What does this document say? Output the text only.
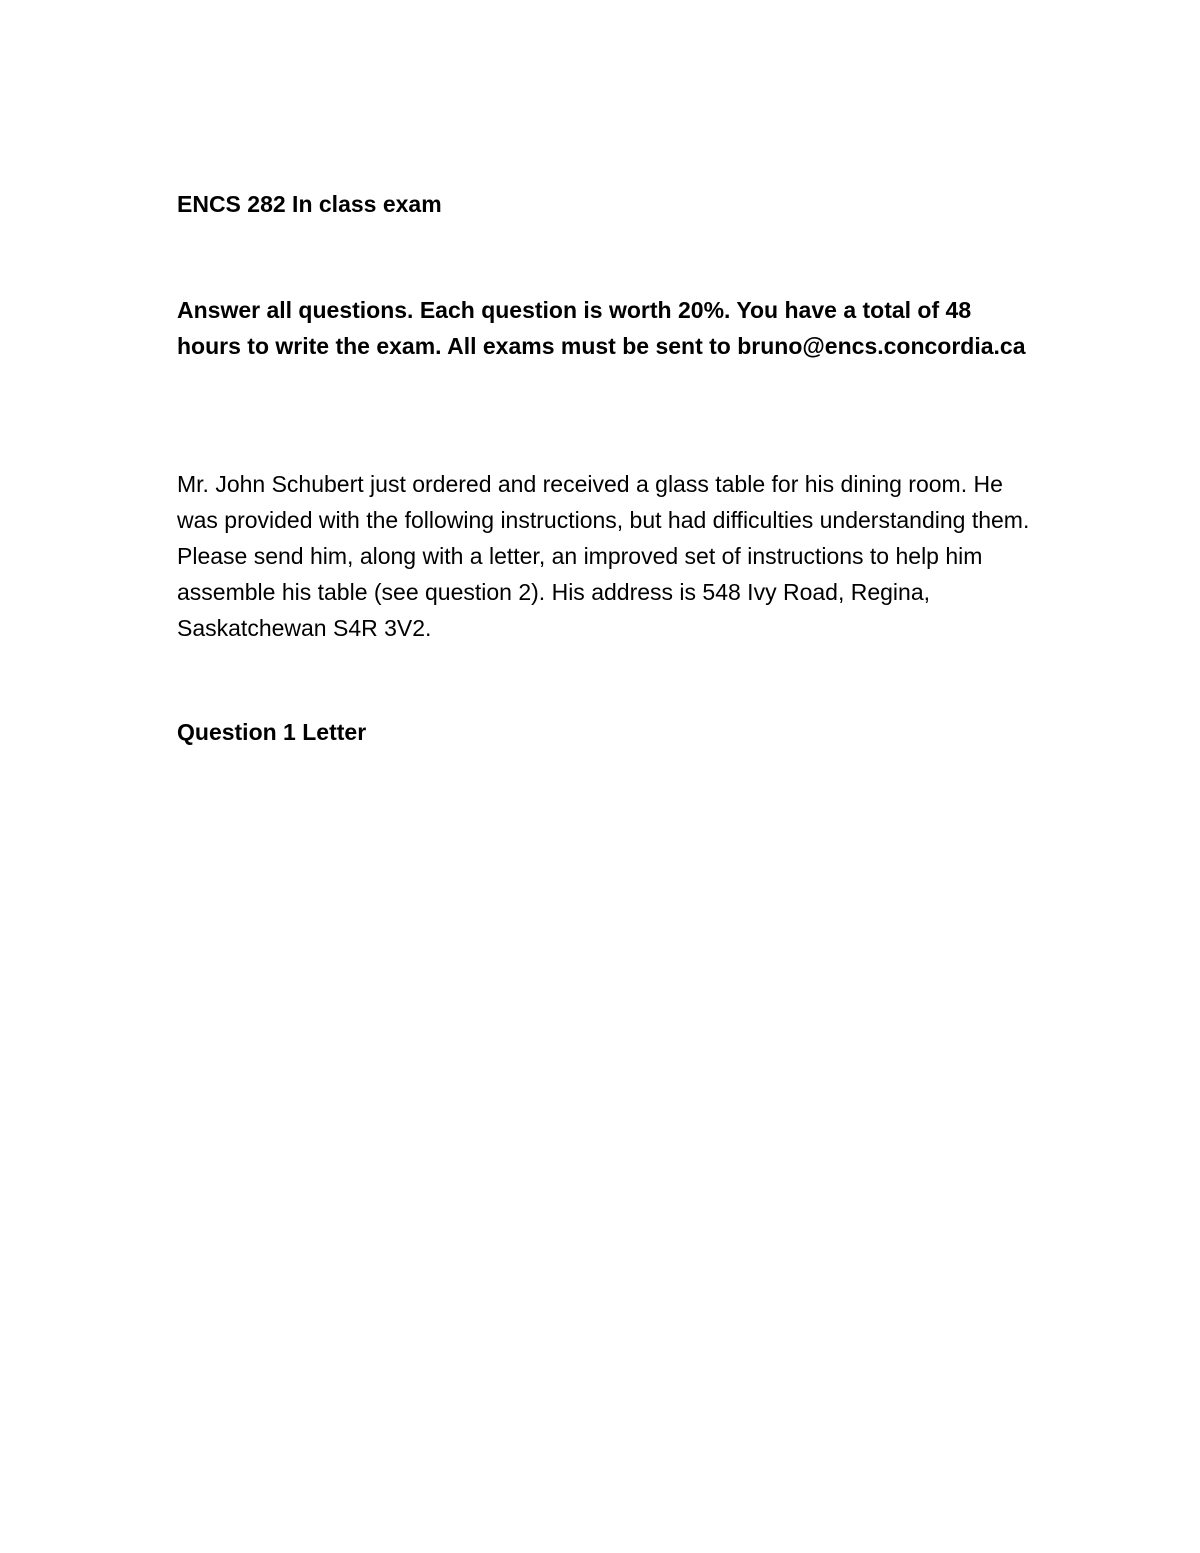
ENCS 282 In class exam

Answer all questions. Each question is worth 20%. You have a total of 48 hours to write the exam. All exams must be sent to bruno@encs.concordia.ca

Mr. John Schubert just ordered and received a glass table for his dining room. He was provided with the following instructions, but had difficulties understanding them. Please send him, along with a letter, an improved set of instructions to help him assemble his table (see question 2). His address is 548 Ivy Road, Regina, Saskatchewan S4R 3V2.

Question 1 Letter
